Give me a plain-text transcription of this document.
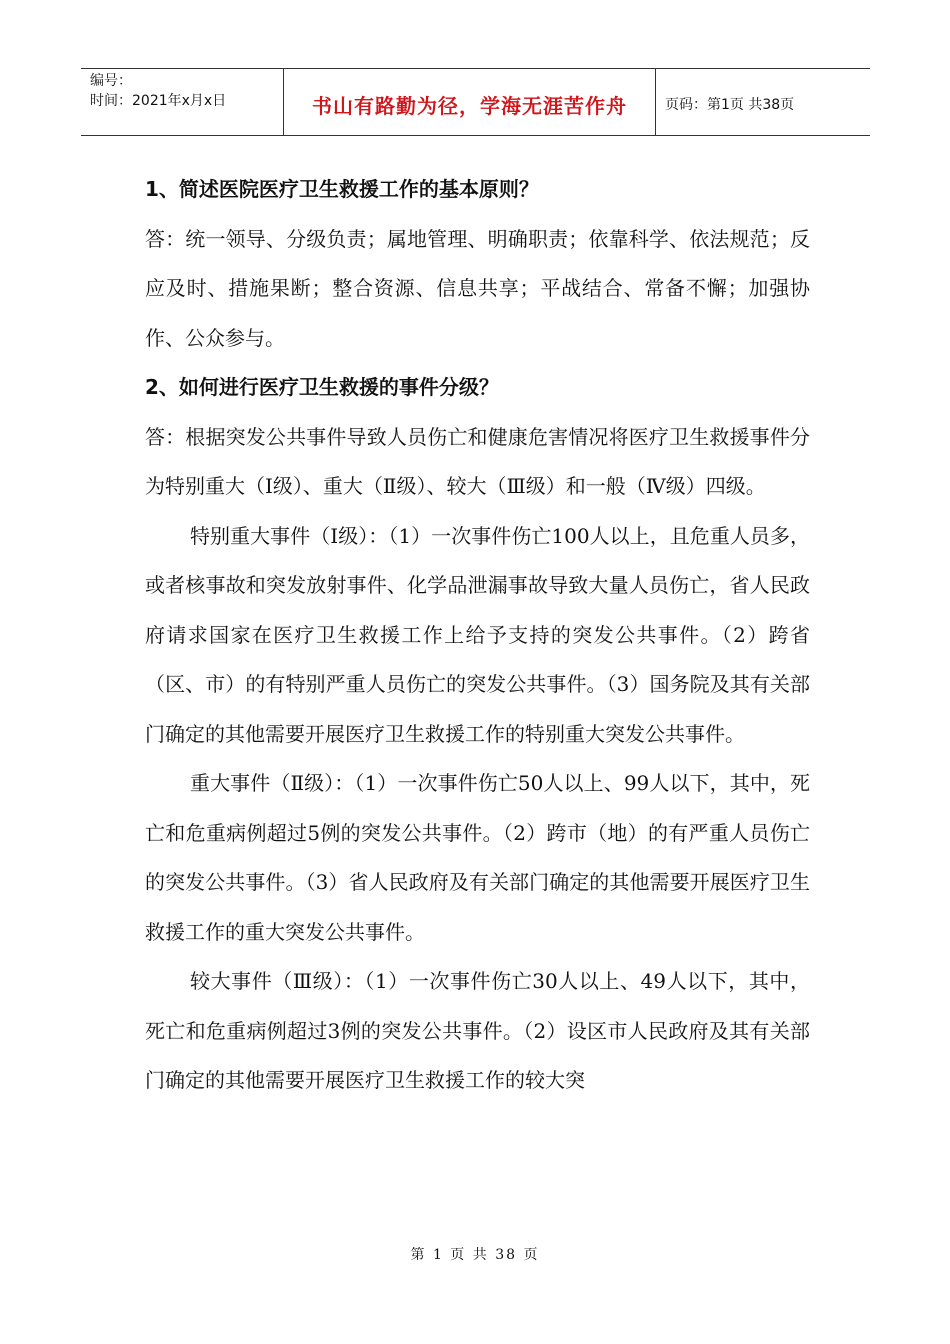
编号：
时间：2021年x月x日	书山有路勤为径，学海无涯苦作舟	页码：第1页 共38页

1、简述医院医疗卫生救援工作的基本原则？

答：统一领导、分级负责；属地管理、明确职责；依靠科学、依法规范；反应及时、措施果断；整合资源、信息共享；平战结合、常备不懈；加强协作、公众参与。

2、如何进行医疗卫生救援的事件分级？

答：根据突发公共事件导致人员伤亡和健康危害情况将医疗卫生救援事件分为特别重大（Ⅰ级）、重大（Ⅱ级）、较大（Ⅲ级）和一般（Ⅳ级）四级。

特别重大事件（Ⅰ级）：（1）一次事件伤亡100人以上，且危重人员多，或者核事故和突发放射事件、化学品泄漏事故导致大量人员伤亡，省人民政府请求国家在医疗卫生救援工作上给予支持的突发公共事件。（2）跨省（区、市）的有特别严重人员伤亡的突发公共事件。（3）国务院及其有关部门确定的其他需要开展医疗卫生救援工作的特别重大突发公共事件。

重大事件（Ⅱ级）：（1）一次事件伤亡50人以上、99人以下，其中，死亡和危重病例超过5例的突发公共事件。（2）跨市（地）的有严重人员伤亡的突发公共事件。（3）省人民政府及有关部门确定的其他需要开展医疗卫生救援工作的重大突发公共事件。

较大事件（Ⅲ级）：（1）一次事件伤亡30人以上、49人以下，其中，死亡和危重病例超过3例的突发公共事件。（2）设区市人民政府及其有关部门确定的其他需要开展医疗卫生救援工作的较大突

第 1 页 共 38 页
